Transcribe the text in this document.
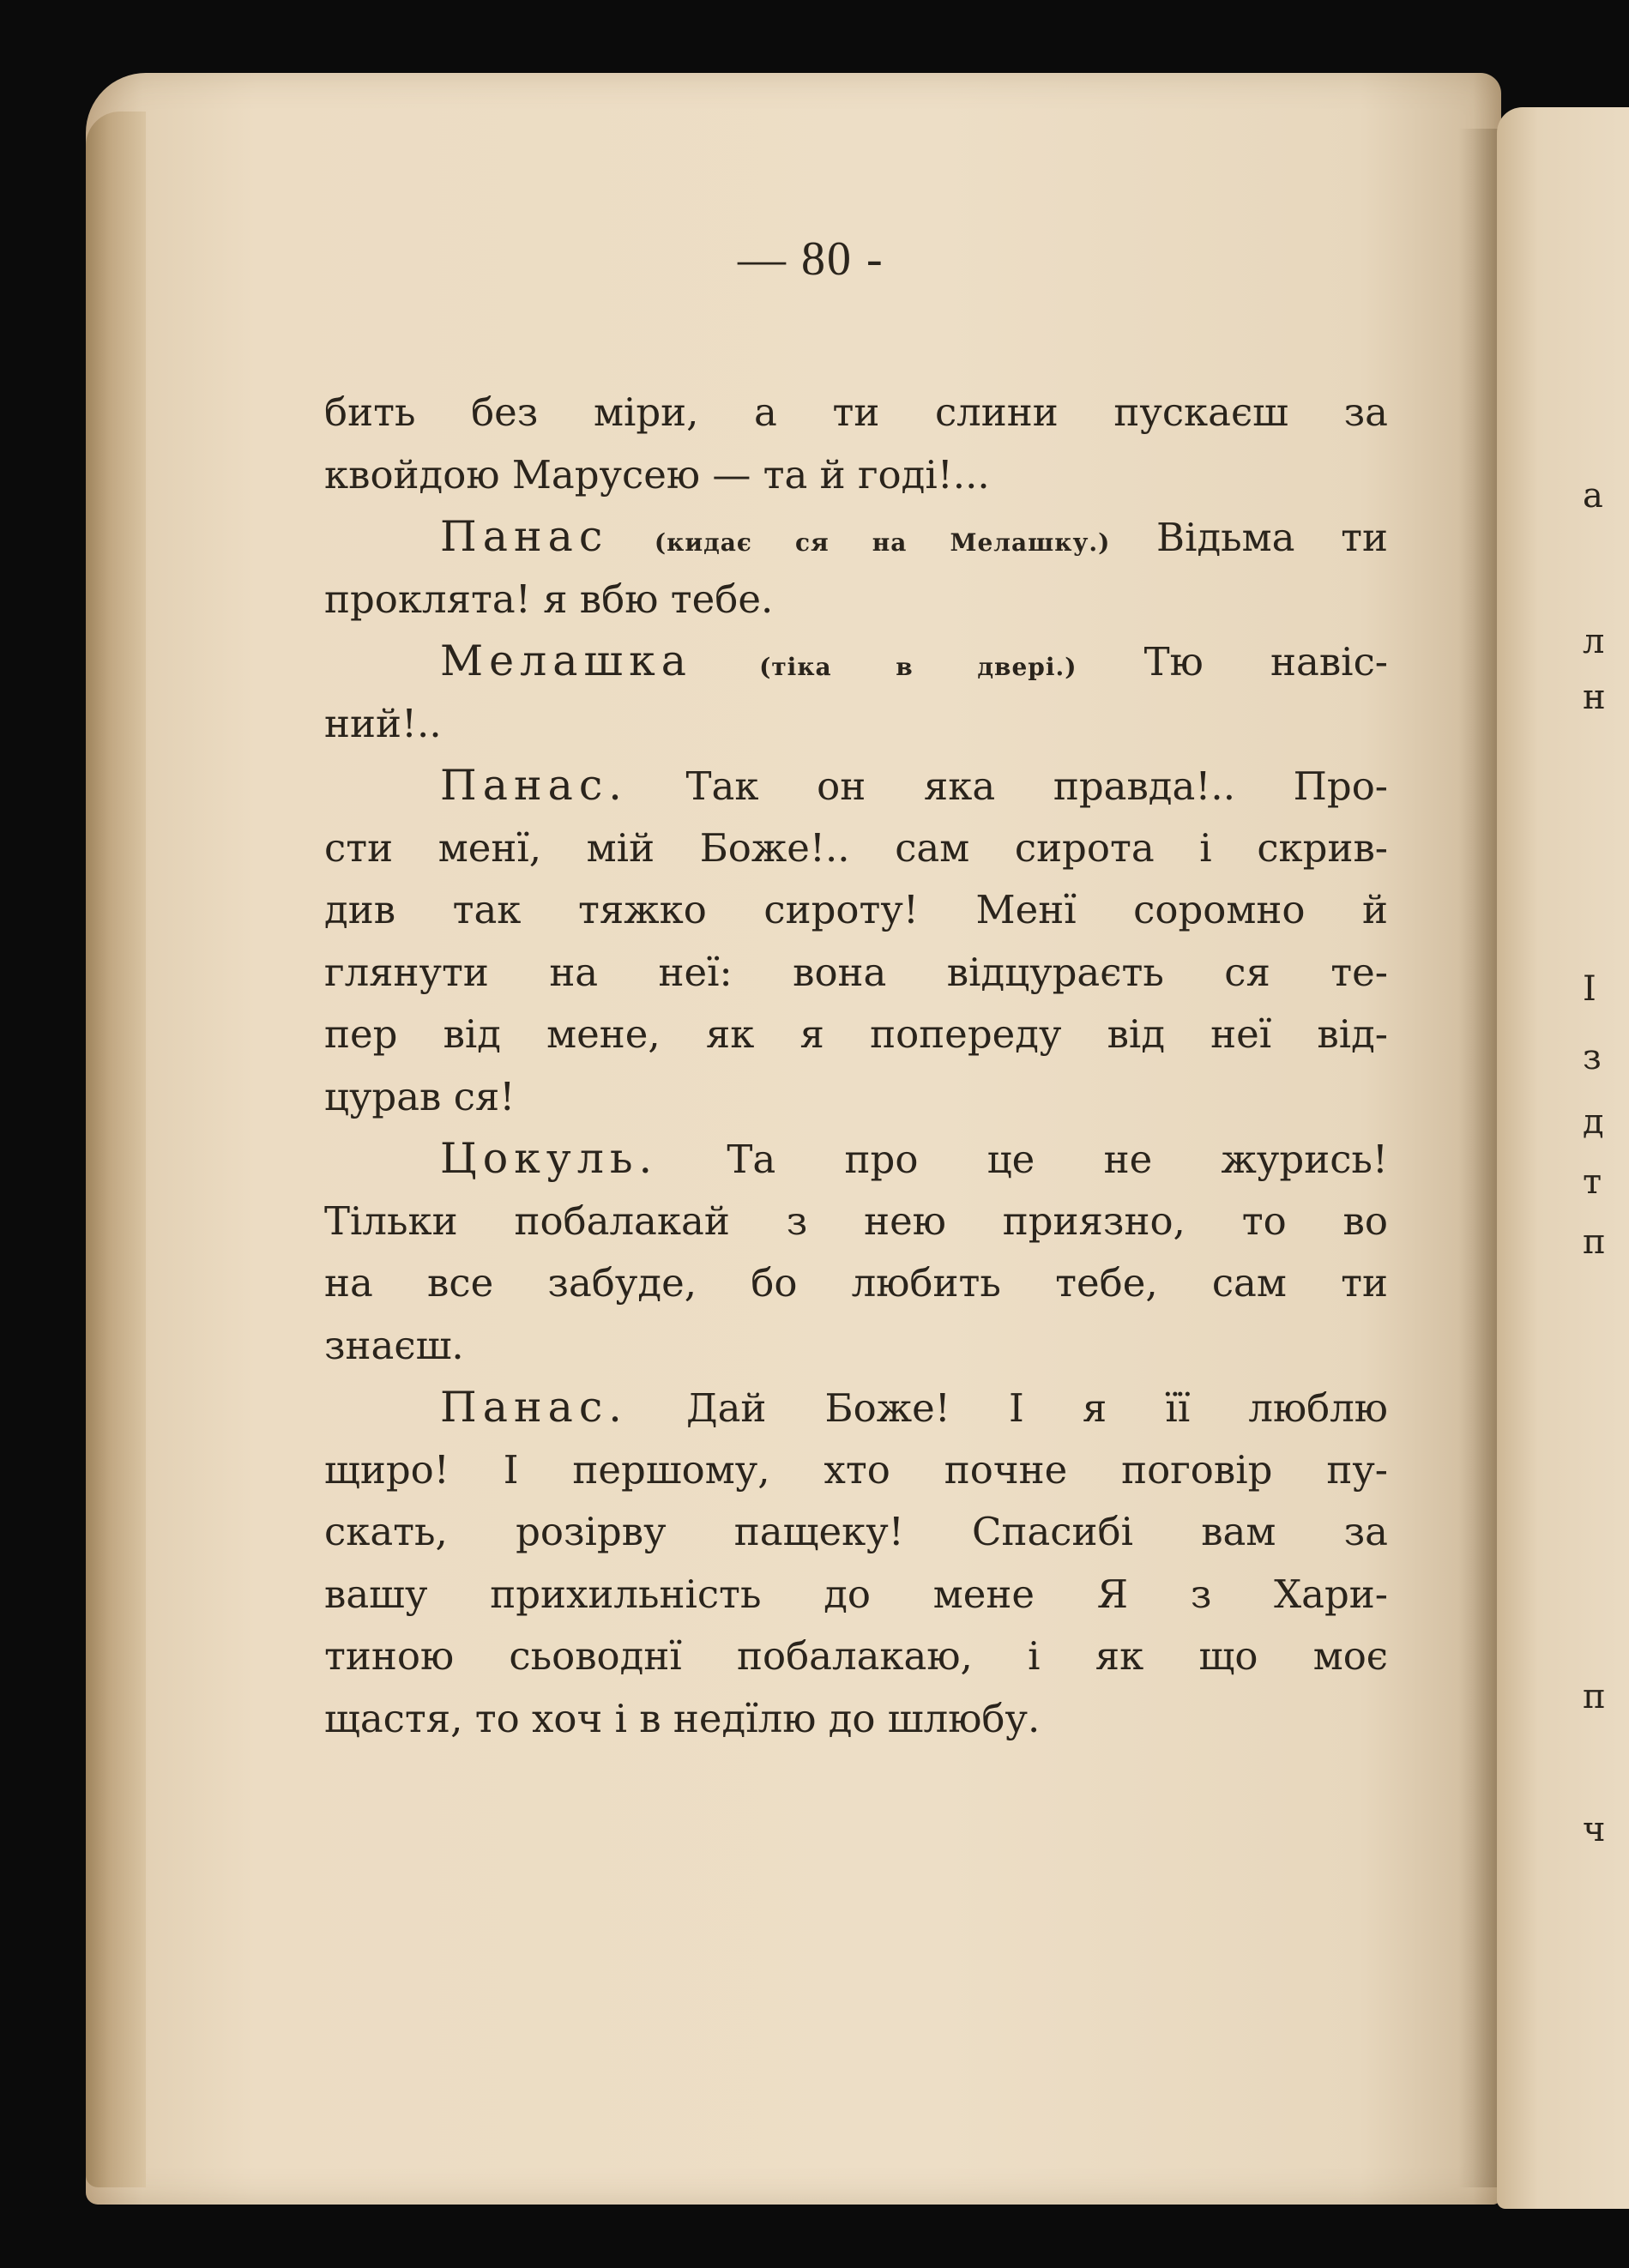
— 80 -
бить без міри, а ти слини пускаєш за
квойдою Марусею — та й годі!...
Панас (кидає ся на Мелашку.) Відьма ти
проклята! я вбю тебе.
Мелашка	(тіка в двері.) Тю навіс-
ний!..
Панас. Так он яка правда!.. Про-
сти менї, мій Боже!.. сам сирота і скрив-
див так тяжко сироту! Менї соромно й
глянути на неї: вона відцураєть ся те-
пер від мене, як я попереду від неї від-
цурав ся!
Цокуль. Та про це не журись!
Тільки побалакай з нею приязно, то во
на все забуде, бо любить тебе, сам ти
знаєш.
Панас. Дай Боже! І я її люблю
щиро! І першому, хто почне поговір пу-
скать, розірву пащеку! Спасибі вам за
вашу прихильність до мене Я з Хари-
тиною сьоводнї побалакаю, і як що моє
щастя, то хоч і в недїлю до шлюбу.
а
л
н
І
з
д
т
п
п
ч
